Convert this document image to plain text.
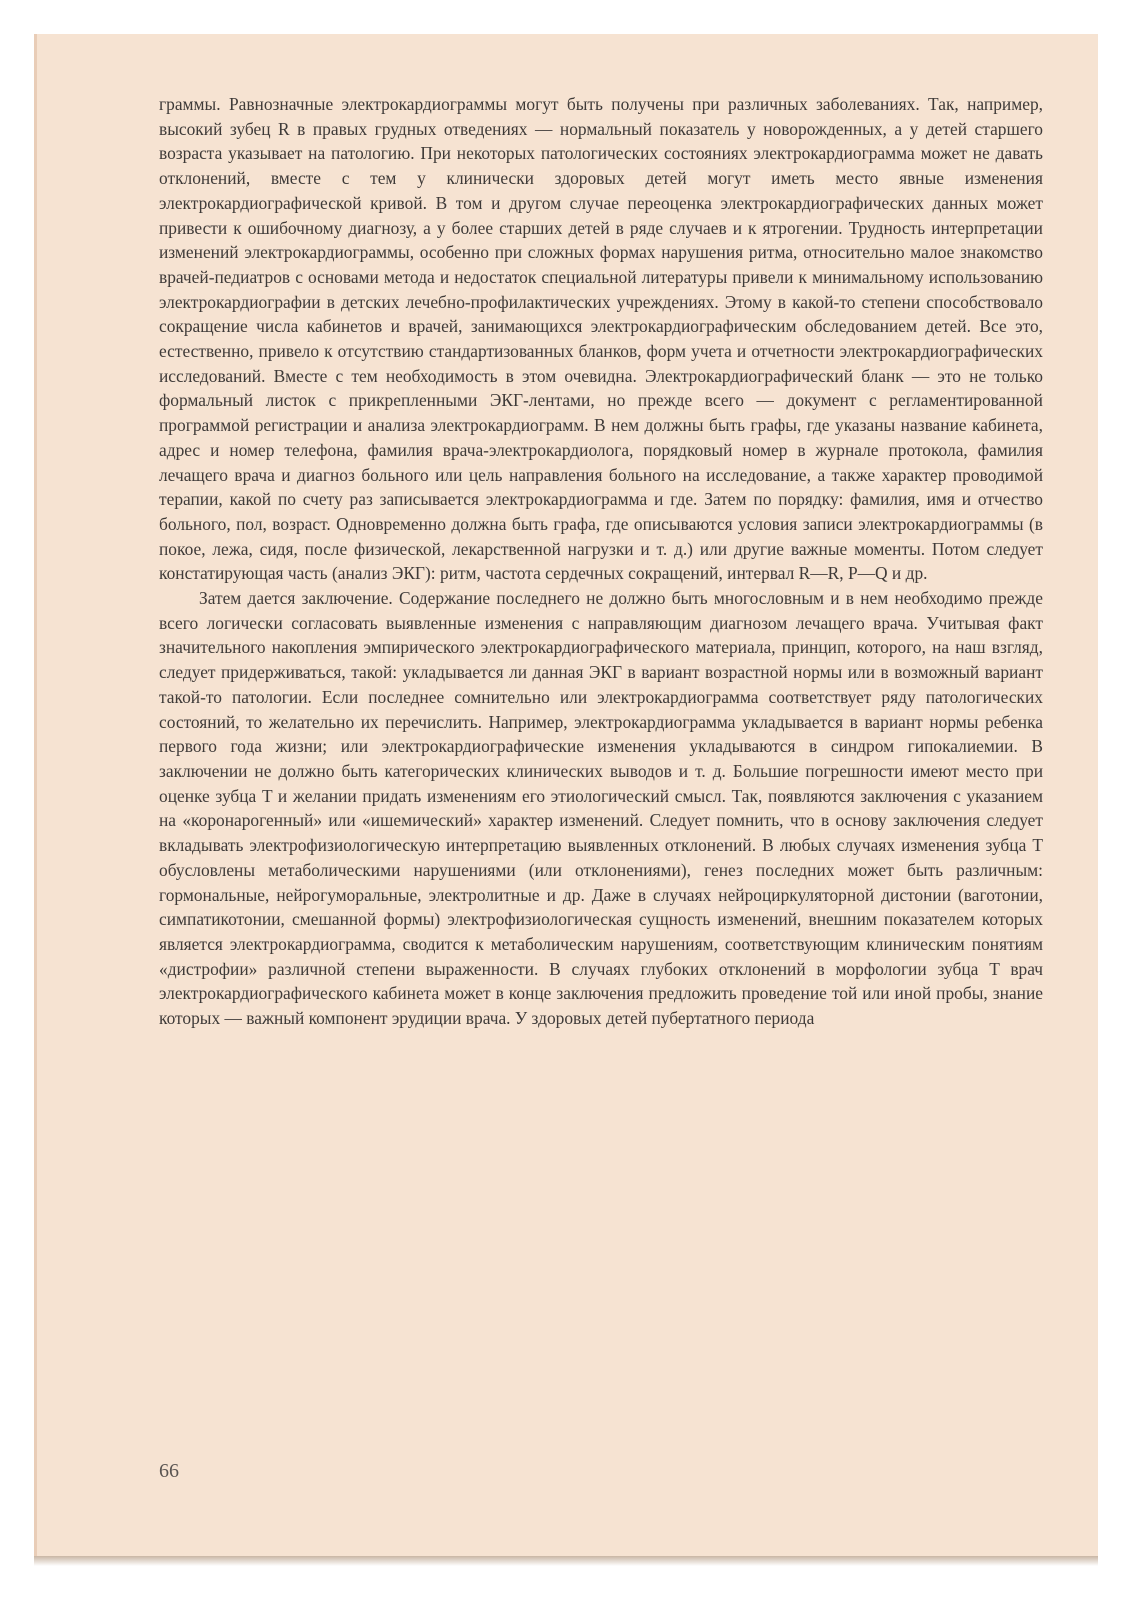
граммы. Равнозначные электрокардиограммы могут быть получены при различных заболеваниях. Так, например, высокий зубец R в правых грудных отведениях — нормальный показатель у новорожденных, а у детей старшего возраста указывает на патологию. При некоторых патологических состояниях электрокардиограмма может не давать отклонений, вместе с тем у клинически здоровых детей могут иметь место явные изменения электрокардиографической кривой. В том и другом случае переоценка электрокардиографических данных может привести к ошибочному диагнозу, а у более старших детей в ряде случаев и к ятрогении. Трудность интерпретации изменений электрокардиограммы, особенно при сложных формах нарушения ритма, относительно малое знакомство врачей-педиатров с основами метода и недостаток специальной литературы привели к минимальному использованию электрокардиографии в детских лечебно-профилактических учреждениях. Этому в какой-то степени способствовало сокращение числа кабинетов и врачей, занимающихся электрокардиографическим обследованием детей. Все это, естественно, привело к отсутствию стандартизованных бланков, форм учета и отчетности электрокардиографических исследований. Вместе с тем необходимость в этом очевидна. Электрокардиографический бланк — это не только формальный листок с прикрепленными ЭКГ-лентами, но прежде всего — документ с регламентированной программой регистрации и анализа электрокардиограмм. В нем должны быть графы, где указаны название кабинета, адрес и номер телефона, фамилия врача-электрокардиолога, порядковый номер в журнале протокола, фамилия лечащего врача и диагноз больного или цель направления больного на исследование, а также характер проводимой терапии, какой по счету раз записывается электрокардиограмма и где. Затем по порядку: фамилия, имя и отчество больного, пол, возраст. Одновременно должна быть графа, где описываются условия записи электрокардиограммы (в покое, лежа, сидя, после физической, лекарственной нагрузки и т. д.) или другие важные моменты. Потом следует констатирующая часть (анализ ЭКГ): ритм, частота сердечных сокращений, интервал R—R, P—Q и др.

Затем дается заключение. Содержание последнего не должно быть многословным и в нем необходимо прежде всего логически согласовать выявленные изменения с направляющим диагнозом лечащего врача. Учитывая факт значительного накопления эмпирического электрокардиографического материала, принцип, которого, на наш взгляд, следует придерживаться, такой: укладывается ли данная ЭКГ в вариант возрастной нормы или в возможный вариант такой-то патологии. Если последнее сомнительно или электрокардиограмма соответствует ряду патологических состояний, то желательно их перечислить. Например, электрокардиограмма укладывается в вариант нормы ребенка первого года жизни; или электрокардиографические изменения укладываются в синдром гипокалиемии. В заключении не должно быть категорических клинических выводов и т. д. Большие погрешности имеют место при оценке зубца T и желании придать изменениям его этиологический смысл. Так, появляются заключения с указанием на «коронарогенный» или «ишемический» характер изменений. Следует помнить, что в основу заключения следует вкладывать электрофизиологическую интерпретацию выявленных отклонений. В любых случаях изменения зубца T обусловлены метаболическими нарушениями (или отклонениями), генез последних может быть различным: гормональные, нейрогуморальные, электролитные и др. Даже в случаях нейроциркуляторной дистонии (ваготонии, симпатикотонии, смешанной формы) электрофизиологическая сущность изменений, внешним показателем которых является электрокардиограмма, сводится к метаболическим нарушениям, соответствующим клиническим понятиям «дистрофии» различной степени выраженности. В случаях глубоких отклонений в морфологии зубца T врач электрокардиографического кабинета может в конце заключения предложить проведение той или иной пробы, знание которых — важный компонент эрудиции врача. У здоровых детей пубертатного периода

66
